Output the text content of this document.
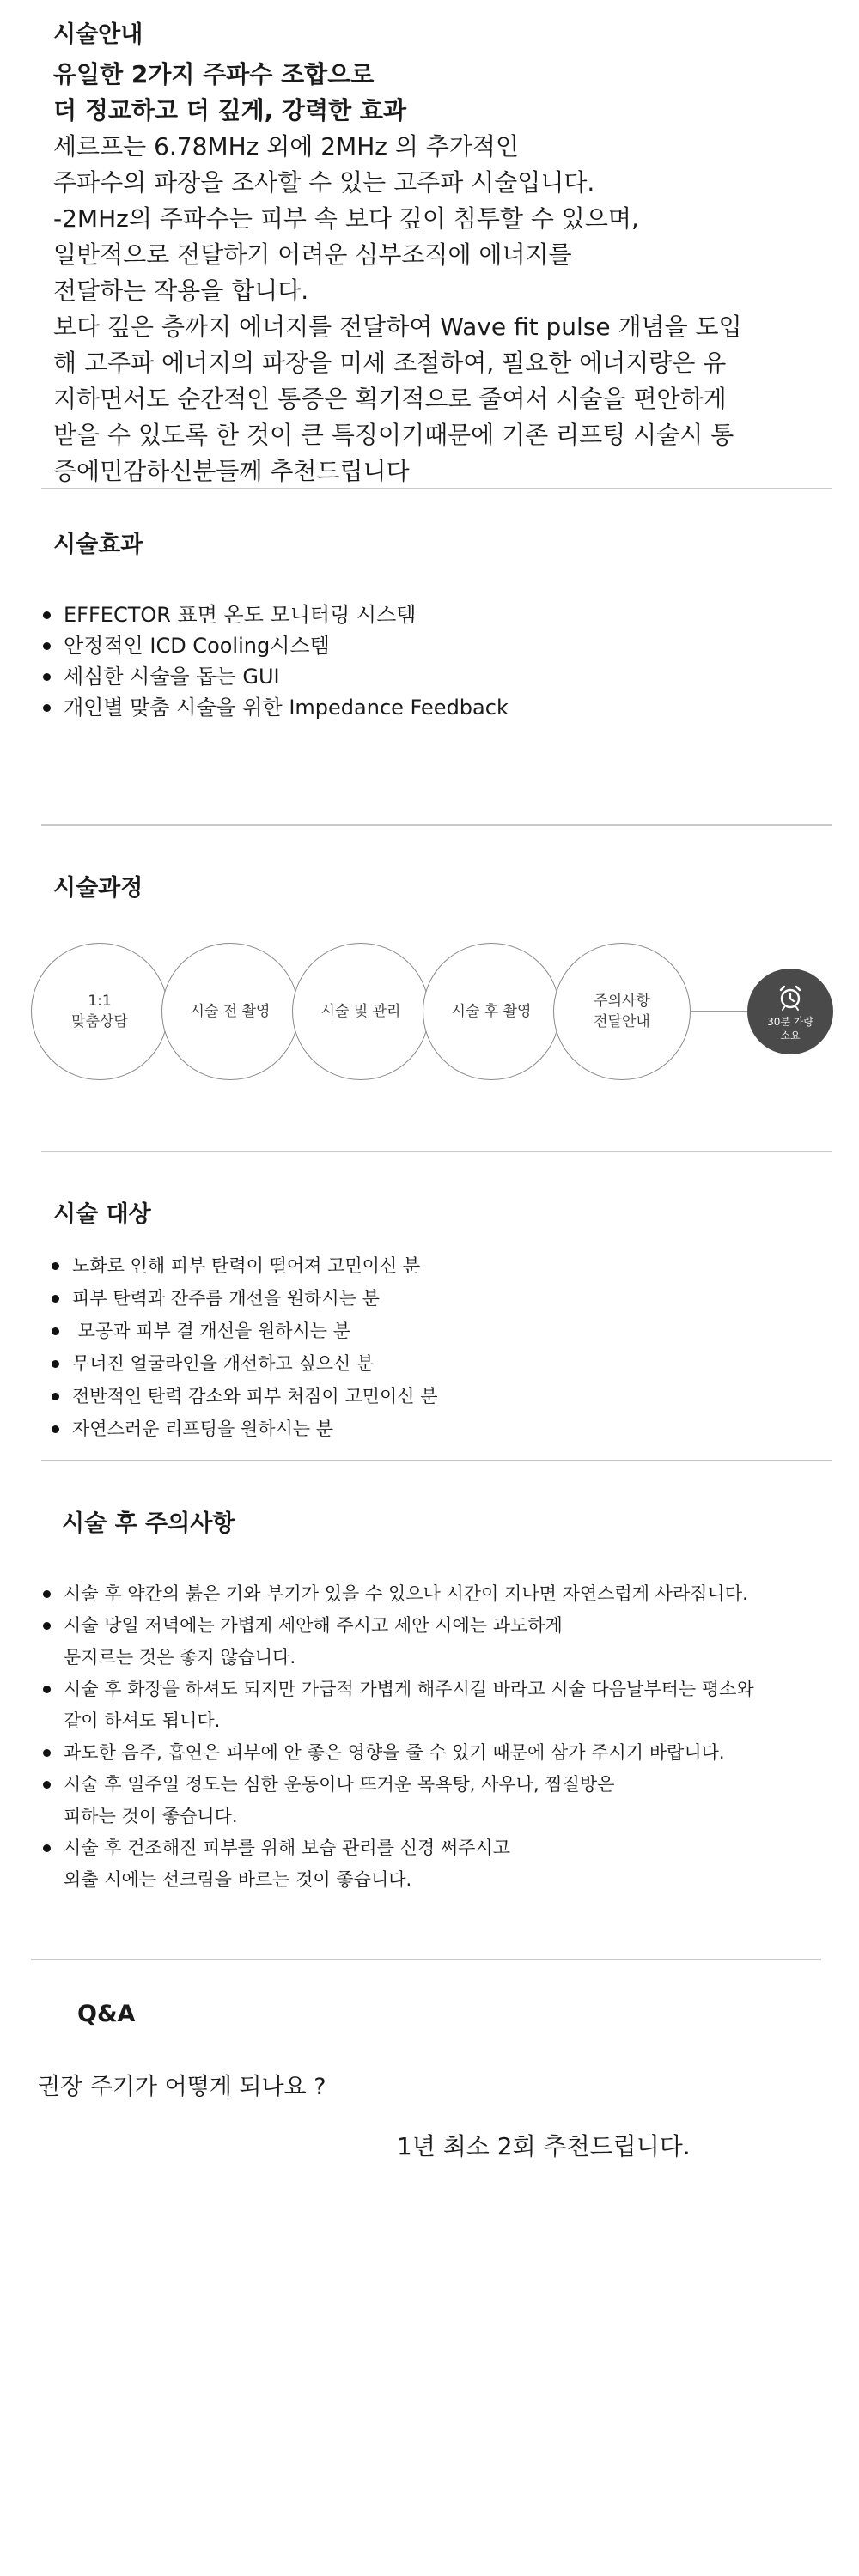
시술안내
유일한 2가지 주파수 조합으로
더 정교하고 더 깊게, 강력한 효과
세르프는 6.78MHz 외에 2MHz 의 추가적인
주파수의 파장을 조사할 수 있는 고주파 시술입니다.
-2MHz의 주파수는 피부 속 보다 깊이 침투할 수 있으며,
일반적으로 전달하기 어려운 심부조직에 에너지를
전달하는 작용을 합니다.
보다 깊은 층까지 에너지를 전달하여 Wave fit pulse 개념을 도입
해 고주파 에너지의 파장을 미세 조절하여, 필요한 에너지량은 유
지하면서도 순간적인 통증은 획기적으로 줄여서 시술을 편안하게
받을 수 있도록 한 것이 큰 특징이기때문에 기존 리프팅 시술시 통
증에민감하신분들께 추천드립니다
시술효과
EFFECTOR 표면 온도 모니터링 시스템
안정적인 ICD Cooling시스템
세심한 시술을 돕는 GUI
개인별 맞춤 시술을 위한 Impedance Feedback
시술과정
1:1
맞춤상담
시술 전 촬영	시술 및 관리	시술 후 촬영
주의사항
전달안내	30분 가량
소요
시술 대상
노화로 인해 피부 탄력이 떨어져 고민이신 분
피부 탄력과 잔주름 개선을 원하시는 분
모공과 피부 결 개선을 원하시는 분
무너진 얼굴라인을 개선하고 싶으신 분
전반적인 탄력 감소와 피부 처짐이 고민이신 분
자연스러운 리프팅을 원하시는 분
시술 후 주의사항
시술 후 약간의 붉은 기와 부기가 있을 수 있으나 시간이 지나면 자연스럽게 사라집니다.
시술 당일 저녁에는 가볍게 세안해 주시고 세안 시에는 과도하게
문지르는 것은 좋지 않습니다.
시술 후 화장을 하셔도 되지만 가급적 가볍게 해주시길 바라고 시술 다음날부터는 평소와
같이 하셔도 됩니다.
과도한 음주, 흡연은 피부에 안 좋은 영향을 줄 수 있기 때문에 삼가 주시기 바랍니다.
시술 후 일주일 정도는 심한 운동이나 뜨거운 목욕탕, 사우나, 찜질방은
피하는 것이 좋습니다.
시술 후 건조해진 피부를 위해 보습 관리를 신경 써주시고
외출 시에는 선크림을 바르는 것이 좋습니다.
Q&A
권장 주기가 어떻게 되나요 ?
1년 최소 2회 추천드립니다.
